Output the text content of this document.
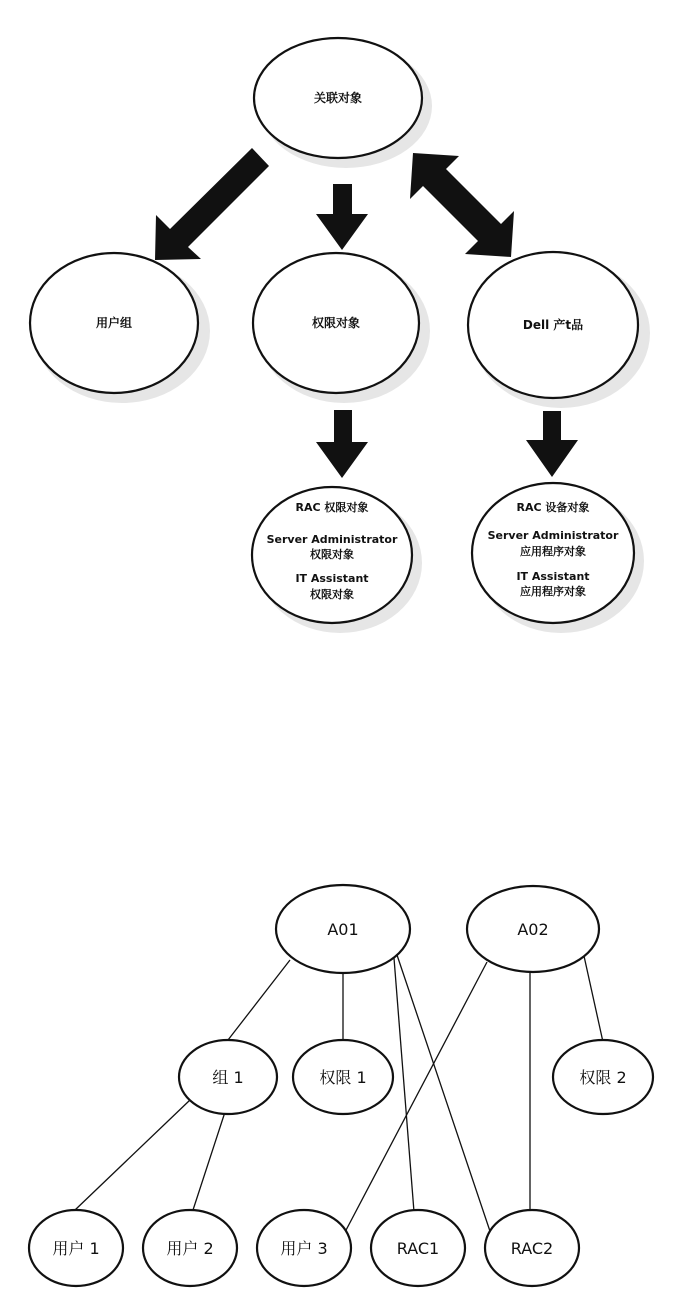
关联对象
用户组	权限对象	Dell 产t品
RAC 权限对象
Server Administrator
权限对象
IT Assistant
权限对象
RAC 设备对象
Server Administrator
应用程序对象
IT Assistant
应用程序对象
A01	A02
组 1	权限 1	权限 2
用户 1	用户 2	用户 3	RAC1	RAC2
